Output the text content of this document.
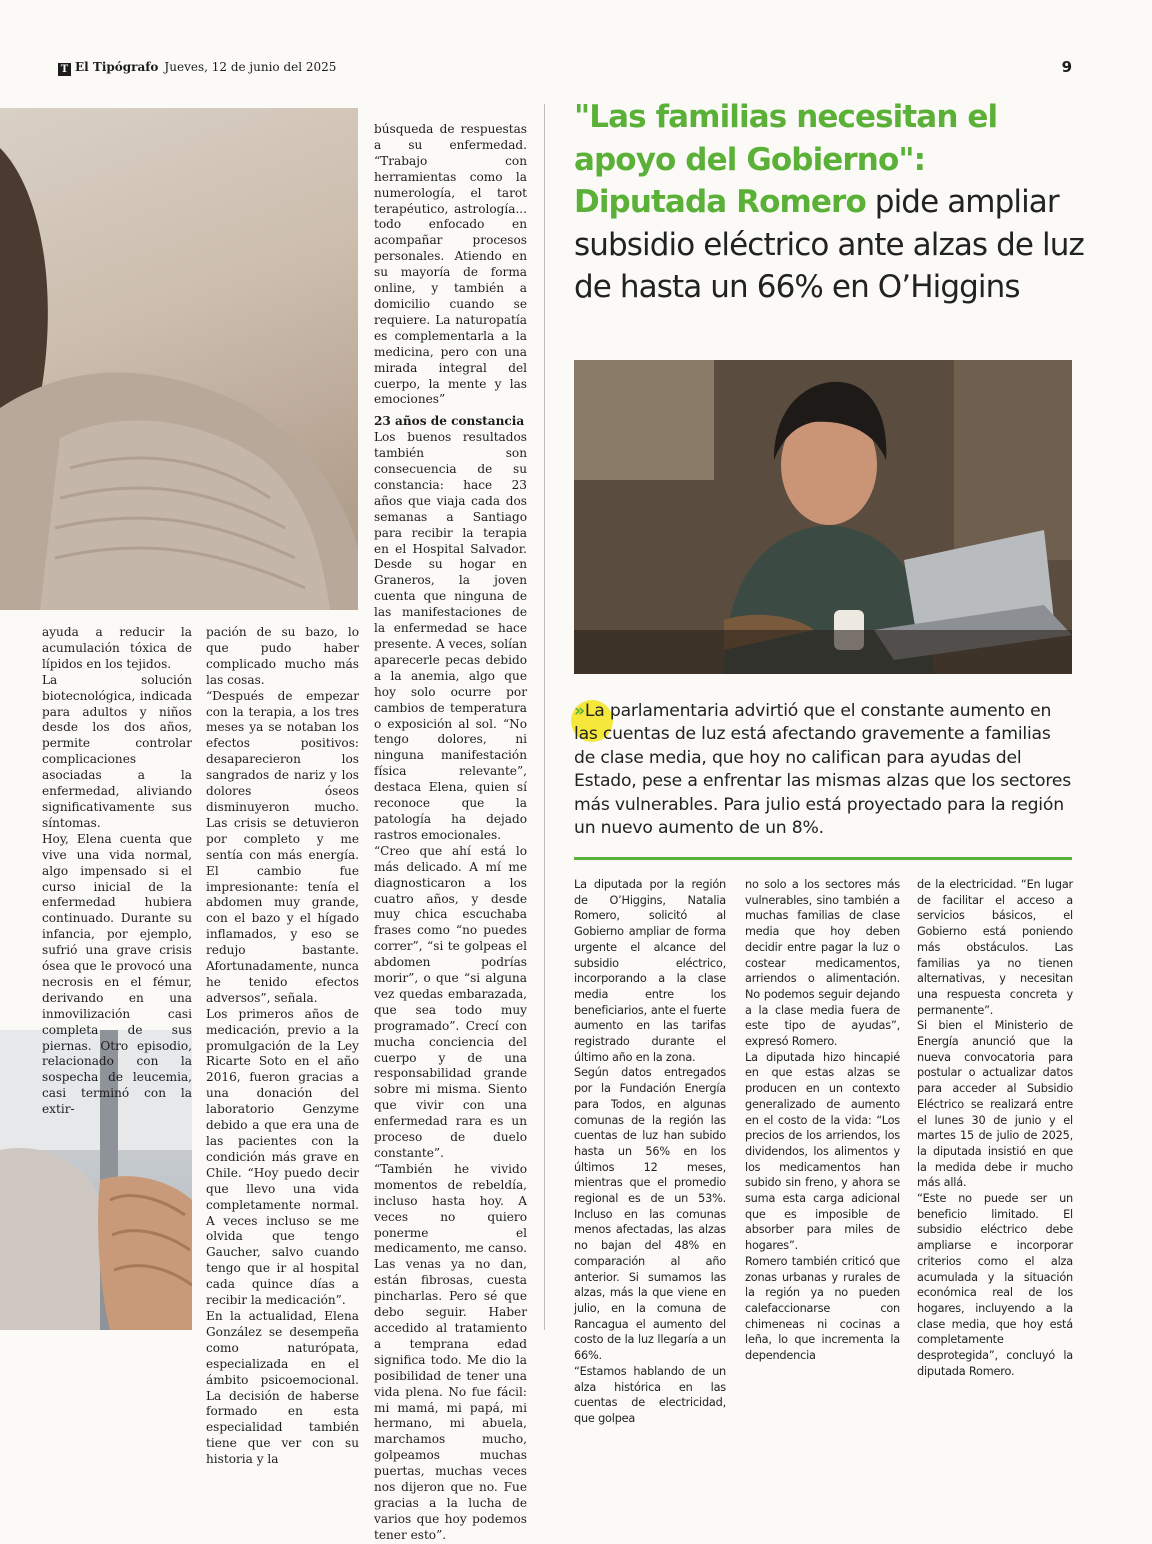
T El Tipógrafo Jueves, 12 de junio del 2025	9

ayuda a reducir la acumulación tóxica de lípidos en los tejidos.

La solución biotecnológica, indicada para adultos y niños desde los dos años, permite controlar complicaciones asociadas a la enfermedad, aliviando significativamente sus síntomas.

Hoy, Elena cuenta que vive una vida normal, algo impensado si el curso inicial de la enfermedad hubiera continuado. Durante su infancia, por ejemplo, sufrió una grave crisis ósea que le provocó una necrosis en el fémur, derivando en una inmovilización casi completa de sus piernas. Otro episodio, relacionado con la sospecha de leucemia, casi terminó con la extir-

pación de su bazo, lo que pudo haber complicado mucho más las cosas.

“Después de empezar con la terapia, a los tres meses ya se notaban los efectos positivos: desaparecieron los sangrados de nariz y los dolores óseos disminuyeron mucho. Las crisis se detuvieron por completo y me sentía con más energía. El cambio fue impresionante: tenía el abdomen muy grande, con el bazo y el hígado inflamados, y eso se redujo bastante. Afortunadamente, nunca he tenido efectos adversos”, señala.

Los primeros años de medicación, previo a la promulgación de la Ley Ricarte Soto en el año 2016, fueron gracias a una donación del laboratorio Genzyme debido a que era una de las pacientes con la condición más grave en Chile. “Hoy puedo decir que llevo una vida completamente normal. A veces incluso se me olvida que tengo Gaucher, salvo cuando tengo que ir al hospital cada quince días a recibir la medicación”.

En la actualidad, Elena González se desempeña como naturópata, especializada en el ámbito psicoemocional. La decisión de haberse formado en esta especialidad también tiene que ver con su historia y la

búsqueda de respuestas a su enfermedad. “Trabajo con herramientas como la numerología, el tarot terapéutico, astrología... todo enfocado en acompañar procesos personales. Atiendo en su mayoría de forma online, y también a domicilio cuando se requiere. La naturopatía es complementarla a la medicina, pero con una mirada integral del cuerpo, la mente y las emociones”

23 años de constancia

Los buenos resultados también son consecuencia de su constancia: hace 23 años que viaja cada dos semanas a Santiago para recibir la terapia en el Hospital Salvador. Desde su hogar en Graneros, la joven cuenta que ninguna de las manifestaciones de la enfermedad se hace presente. A veces, solían aparecerle pecas debido a la anemia, algo que hoy solo ocurre por cambios de temperatura o exposición al sol. “No tengo dolores, ni ninguna manifestación física relevante”, destaca Elena, quien sí reconoce que la patología ha dejado rastros emocionales.

“Creo que ahí está lo más delicado. A mí me diagnosticaron a los cuatro años, y desde muy chica escuchaba frases como “no puedes correr”, “si te golpeas el abdomen podrías morir”, o que “si alguna vez quedas embarazada, que sea todo muy programado”. Crecí con mucha conciencia del cuerpo y de una responsabilidad grande sobre mi misma. Siento que vivir con una enfermedad rara es un proceso de duelo constante”.

“También he vivido momentos de rebeldía, incluso hasta hoy. A veces no quiero ponerme el medicamento, me canso. Las venas ya no dan, están fibrosas, cuesta pincharlas. Pero sé que debo seguir. Haber accedido al tratamiento a temprana edad significa todo. Me dio la posibilidad de tener una vida plena. No fue fácil: mi mamá, mi papá, mi hermano, mi abuela, marchamos mucho, golpeamos muchas puertas, muchas veces nos dijeron que no. Fue gracias a la lucha de varios que hoy podemos tener esto”.

"Las familias necesitan el apoyo del Gobierno": Diputada Romero pide ampliar subsidio eléctrico ante alzas de luz de hasta un 66% en O’Higgins
»La parlamentaria advirtió que el constante aumento en las cuentas de luz está afectando gravemente a familias de clase media, que hoy no califican para ayudas del Estado, pese a enfrentar las mismas alzas que los sectores más vulnerables. Para julio está proyectado para la región un nuevo aumento de un 8%.

La diputada por la región de O’Higgins, Natalia Romero, solicitó al Gobierno ampliar de forma urgente el alcance del subsidio eléctrico, incorporando a la clase media entre los beneficiarios, ante el fuerte aumento en las tarifas registrado durante el último año en la zona.

Según datos entregados por la Fundación Energía para Todos, en algunas comunas de la región las cuentas de luz han subido hasta un 56% en los últimos 12 meses, mientras que el promedio regional es de un 53%. Incluso en las comunas menos afectadas, las alzas no bajan del 48% en comparación al año anterior. Si sumamos las alzas, más la que viene en julio, en la comuna de Rancagua el aumento del costo de la luz llegaría a un 66%.

“Estamos hablando de un alza histórica en las cuentas de electricidad, que golpea

no solo a los sectores más vulnerables, sino también a muchas familias de clase media que hoy deben decidir entre pagar la luz o costear medicamentos, arriendos o alimentación. No podemos seguir dejando a la clase media fuera de este tipo de ayudas”, expresó Romero.

La diputada hizo hincapié en que estas alzas se producen en un contexto generalizado de aumento en el costo de la vida: “Los precios de los arriendos, los dividendos, los alimentos y los medicamentos han subido sin freno, y ahora se suma esta carga adicional que es imposible de absorber para miles de hogares”.

Romero también criticó que zonas urbanas y rurales de la región ya no pueden calefaccionarse con chimeneas ni cocinas a leña, lo que incrementa la dependencia

de la electricidad. “En lugar de facilitar el acceso a servicios básicos, el Gobierno está poniendo más obstáculos. Las familias ya no tienen alternativas, y necesitan una respuesta concreta y permanente”.

Si bien el Ministerio de Energía anunció que la nueva convocatoria para postular o actualizar datos para acceder al Subsidio Eléctrico se realizará entre el lunes 30 de junio y el martes 15 de julio de 2025, la diputada insistió en que la medida debe ir mucho más allá.

“Este no puede ser un beneficio limitado. El subsidio eléctrico debe ampliarse e incorporar criterios como el alza acumulada y la situación económica real de los hogares, incluyendo a la clase media, que hoy está completamente desprotegida”, concluyó la diputada Romero.
